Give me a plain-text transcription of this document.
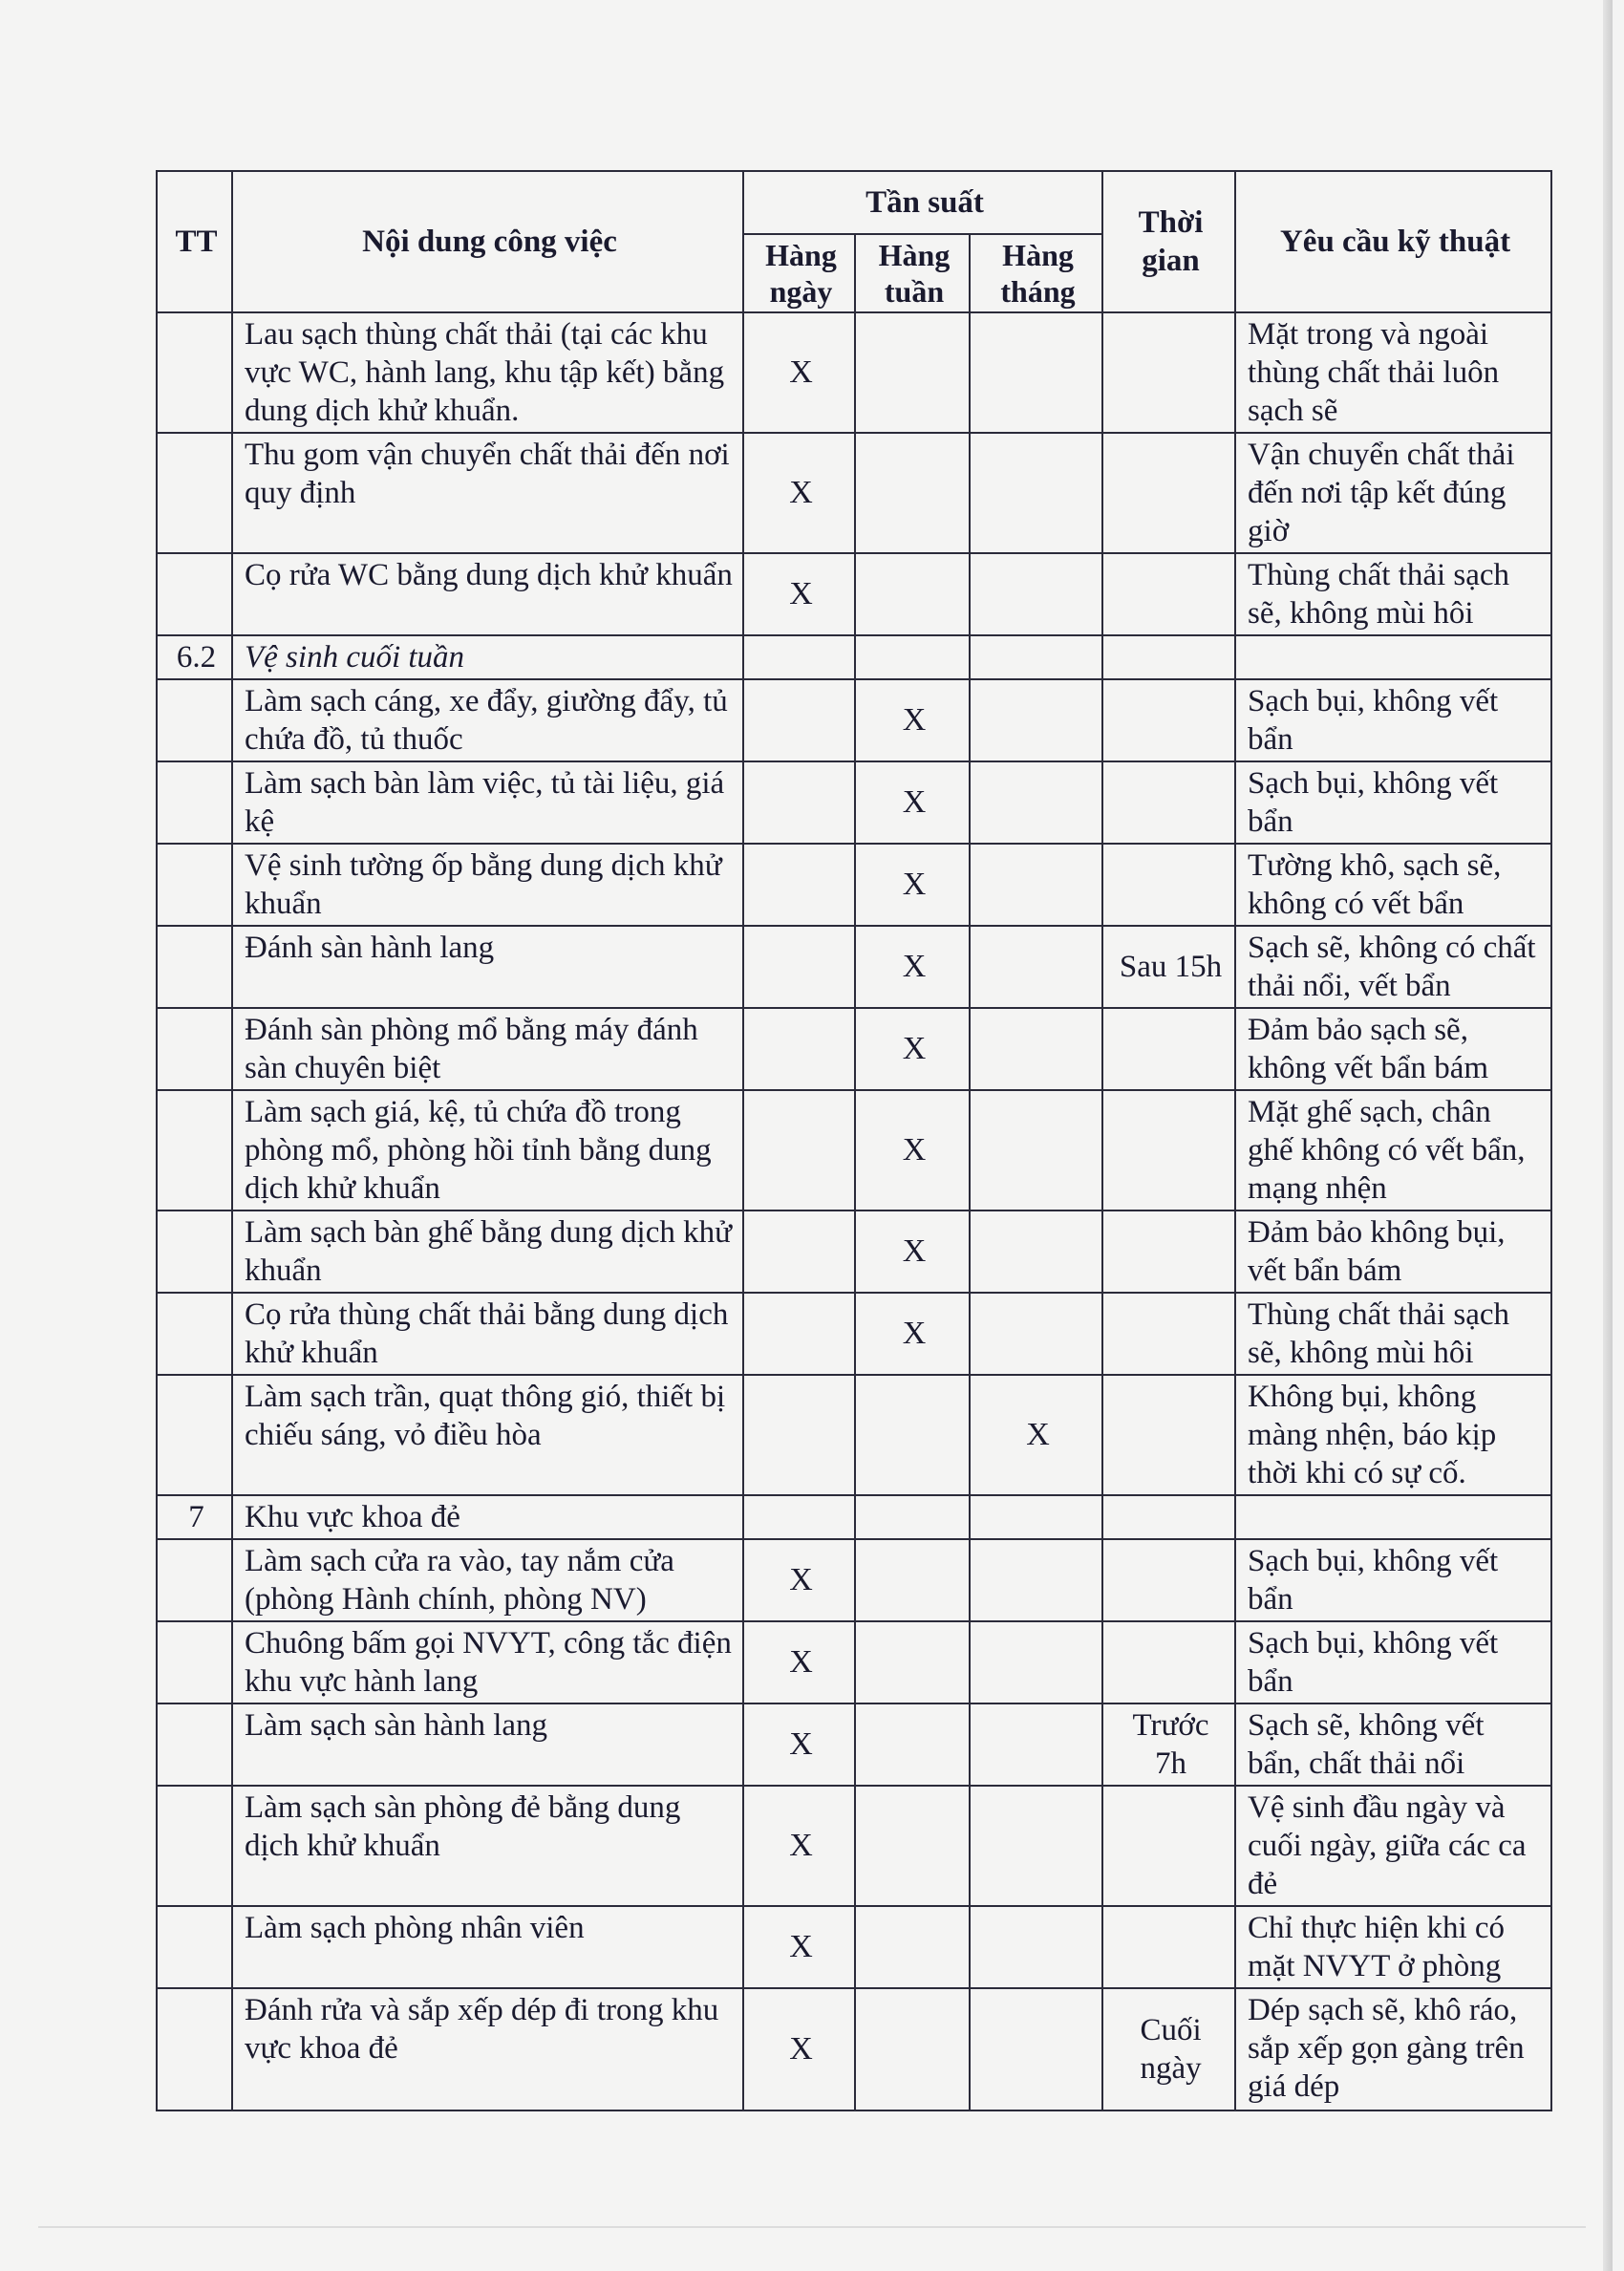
TT	Nội dung công việc	Tần suất			Thời gian	Yêu cầu kỹ thuật
		Hàng ngày	Hàng tuần	Hàng tháng		
	Lau sạch thùng chất thải (tại các khu vực WC, hành lang, khu tập kết) bằng dung dịch khử khuẩn.	X				Mặt trong và ngoài thùng chất thải luôn sạch sẽ
	Thu gom vận chuyển chất thải đến nơi quy định	X				Vận chuyển chất thải đến nơi tập kết đúng giờ
	Cọ rửa WC bằng dung dịch khử khuẩn	X				Thùng chất thải sạch sẽ, không mùi hôi
6.2	Vệ sinh cuối tuần					
	Làm sạch cáng, xe đẩy, giường đẩy, tủ chứa đồ, tủ thuốc		X			Sạch bụi, không vết bẩn
	Làm sạch bàn làm việc, tủ tài liệu, giá kệ		X			Sạch bụi, không vết bẩn
	Vệ sinh tường ốp bằng dung dịch khử khuẩn		X			Tường khô, sạch sẽ, không có vết bẩn
	Đánh sàn hành lang		X		Sau 15h	Sạch sẽ, không có chất thải nổi, vết bẩn
	Đánh sàn phòng mổ bằng máy đánh sàn chuyên biệt		X			Đảm bảo sạch sẽ, không vết bẩn bám
	Làm sạch giá, kệ, tủ chứa đồ trong phòng mổ, phòng hồi tỉnh bằng dung dịch khử khuẩn		X			Mặt ghế sạch, chân ghế không có vết bẩn, mạng nhện
	Làm sạch bàn ghế bằng dung dịch khử khuẩn		X			Đảm bảo không bụi, vết bẩn bám
	Cọ rửa thùng chất thải bằng dung dịch khử khuẩn		X			Thùng chất thải sạch sẽ, không mùi hôi
	Làm sạch trần, quạt thông gió, thiết bị chiếu sáng, vỏ điều hòa			X		Không bụi, không màng nhện, báo kịp thời khi có sự cố.
7	Khu vực khoa đẻ					
	Làm sạch cửa ra vào, tay nắm cửa (phòng Hành chính, phòng NV)	X				Sạch bụi, không vết bẩn
	Chuông bấm gọi NVYT, công tắc điện khu vực hành lang	X				Sạch bụi, không vết bẩn
	Làm sạch sàn hành lang	X			Trước 7h	Sạch sẽ, không vết bẩn, chất thải nổi
	Làm sạch sàn phòng đẻ bằng dung dịch khử khuẩn	X				Vệ sinh đầu ngày và cuối ngày, giữa các ca đẻ
	Làm sạch phòng nhân viên	X				Chỉ thực hiện khi có mặt NVYT ở phòng
	Đánh rửa và sắp xếp dép đi trong khu vực khoa đẻ	X			Cuối ngày	Dép sạch sẽ, khô ráo, sắp xếp gọn gàng trên giá dép
